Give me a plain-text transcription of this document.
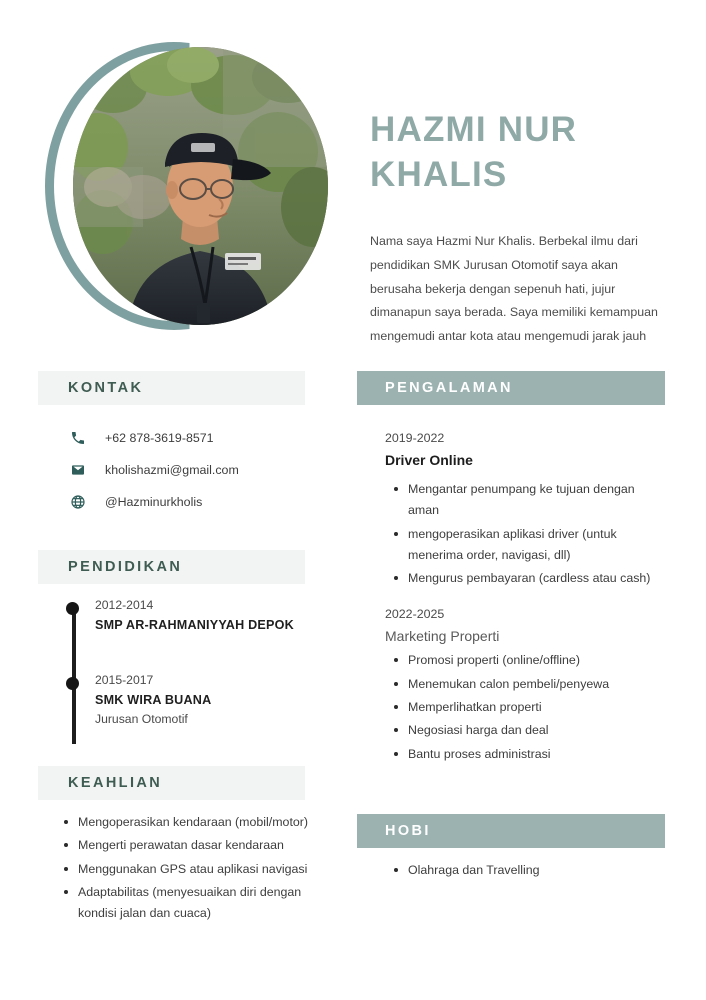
HAZMI NUR
KHALIS
Nama saya Hazmi Nur Khalis. Berbekal ilmu dari pendidikan SMK Jurusan Otomotif saya akan berusaha bekerja dengan sepenuh hati, jujur dimanapun saya berada. Saya memiliki kemampuan mengemudi antar kota atau mengemudi jarak jauh
KONTAK
+62 878-3619-8571
kholishazmi@gmail.com
@Hazminurkholis
PENDIDIKAN
2012-2014
SMP AR-RAHMANIYYAH DEPOK
2015-2017
SMK WIRA BUANA
Jurusan Otomotif
KEAHLIAN
Mengoperasikan kendaraan (mobil/motor)
Mengerti perawatan dasar kendaraan
Menggunakan GPS atau aplikasi navigasi
Adaptabilitas (menyesuaikan diri dengan kondisi jalan dan cuaca)
PENGALAMAN
2019-2022
Driver Online
Mengantar penumpang ke tujuan dengan aman
mengoperasikan aplikasi driver (untuk menerima order, navigasi, dll)
Mengurus pembayaran (cardless atau cash)
2022-2025
Marketing Properti
Promosi properti (online/offline)
Menemukan calon pembeli/penyewa
Memperlihatkan properti
Negosiasi harga dan deal
Bantu proses administrasi
HOBI
Olahraga dan Travelling
